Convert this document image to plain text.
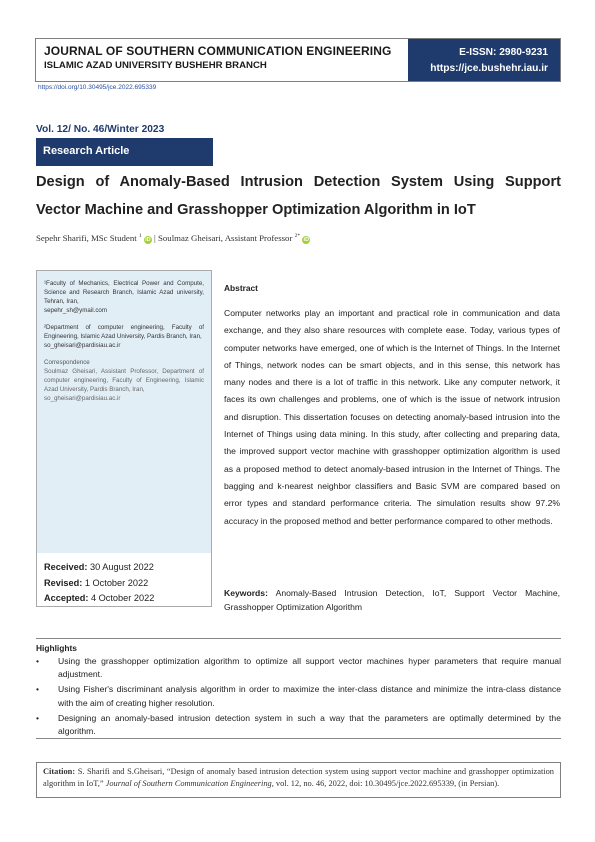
JOURNAL OF SOUTHERN COMMUNICATION ENGINEERING
ISLAMIC AZAD UNIVERSITY BUSHEHR BRANCH
E-ISSN: 2980-9231
https://jce.bushehr.iau.ir
https://doi.org/10.30495/jce.2022.695339
Vol. 12/ No. 46/Winter 2023
Research Article
Design of Anomaly-Based Intrusion Detection System Using Support Vector Machine and Grasshopper Optimization Algorithm in IoT
Sepehr Sharifi, MSc Student $^1$ iD | Soulmaz Gheisari, Assistant Professor $^{2*}$ iD

¹Faculty of Mechanics, Electrical Power and Compute, Science and Research Branch, Islamic Azad university, Tehran, Iran,

sepehr_sh@ymail.com

²Department of computer engineering, Faculty of Engineering, Islamic Azad University, Pardis Branch, Iran,

so_gheisari@pardisiau.ac.ir

Correspondence

Soulmaz Gheisari, Assistant Professor, Department of computer engineering, Faculty of Engineering, Islamic Azad University, Pardis Branch, Iran,

so_gheisari@pardisiau.ac.ir

Received: 30 August 2022
Revised: 1 October 2022
Accepted: 4 October 2022
Abstract
Computer networks play an important and practical role in communication and data exchange, and they also share resources with complete ease. Today, various types of computer networks have emerged, one of which is the Internet of Things. In the Internet of Things, network nodes can be smart objects, and in this sense, this network has many nodes and there is a lot of traffic in this network. Like any computer network, it faces its own challenges and problems, one of which is the issue of network intrusion and disruption. This dissertation focuses on detecting anomaly-based intrusion into the Internet of Things using data mining. In this study, after collecting and preparing data, the improved support vector machine with grasshopper optimization algorithm is used as a proposed method to detect anomaly-based intrusion in the Internet of Things. The bagging and k-nearest neighbor classifiers and Basic SVM are compared based on error types and standard performance criteria. The simulation results show 97.2% accuracy in the proposed method and better performance compared to other methods.
Keywords: Anomaly-Based Intrusion Detection, IoT, Support Vector Machine, Grasshopper Optimization Algorithm
Highlights
• Using the grasshopper optimization algorithm to optimize all support vector machines hyper parameters that require manual adjustment.
• Using Fisher's discriminant analysis algorithm in order to maximize the inter-class distance and minimize the intra-class distance with the aim of creating higher resolution.
• Designing an anomaly-based intrusion detection system in such a way that the parameters are optimally determined by the algorithm.
Citation: S. Sharifi and S.Gheisari, “Design of anomaly based intrusion detection system using support vector machine and grasshopper optimization algorithm in IoT,” Journal of Southern Communication Engineering, vol. 12, no. 46, 2022, doi: 10.30495/jce.2022.695339, (in Persian).
